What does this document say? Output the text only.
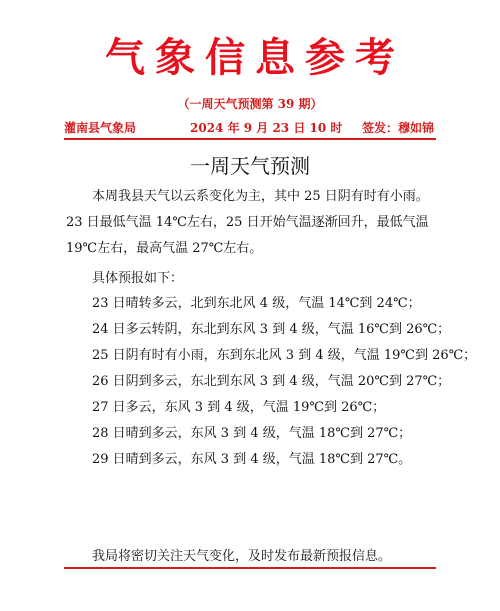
气象信息参考
（一周天气预测第 39 期）
灌南县气象局	2024 年 9 月 23 日 10 时 签发：穆如锦
一周天气预测

本周我县天气以云系变化为主，其中 25 日阴有时有小雨。23 日最低气温 14℃左右，25 日开始气温逐渐回升，最低气温 19℃左右，最高气温 27℃左右。

具体预报如下：
23 日晴转多云，北到东北风 4 级，气温 14℃到 24℃；
24 日多云转阴，东北到东风 3 到 4 级，气温 16℃到 26℃；
25 日阴有时有小雨，东到东北风 3 到 4 级，气温 19℃到 26℃；
26 日阴到多云，东北到东风 3 到 4 级，气温 20℃到 27℃；
27 日多云，东风 3 到 4 级，气温 19℃到 26℃；
28 日晴到多云，东风 3 到 4 级，气温 18℃到 27℃；
29 日晴到多云，东风 3 到 4 级，气温 18℃到 27℃。
我局将密切关注天气变化，及时发布最新预报信息。
